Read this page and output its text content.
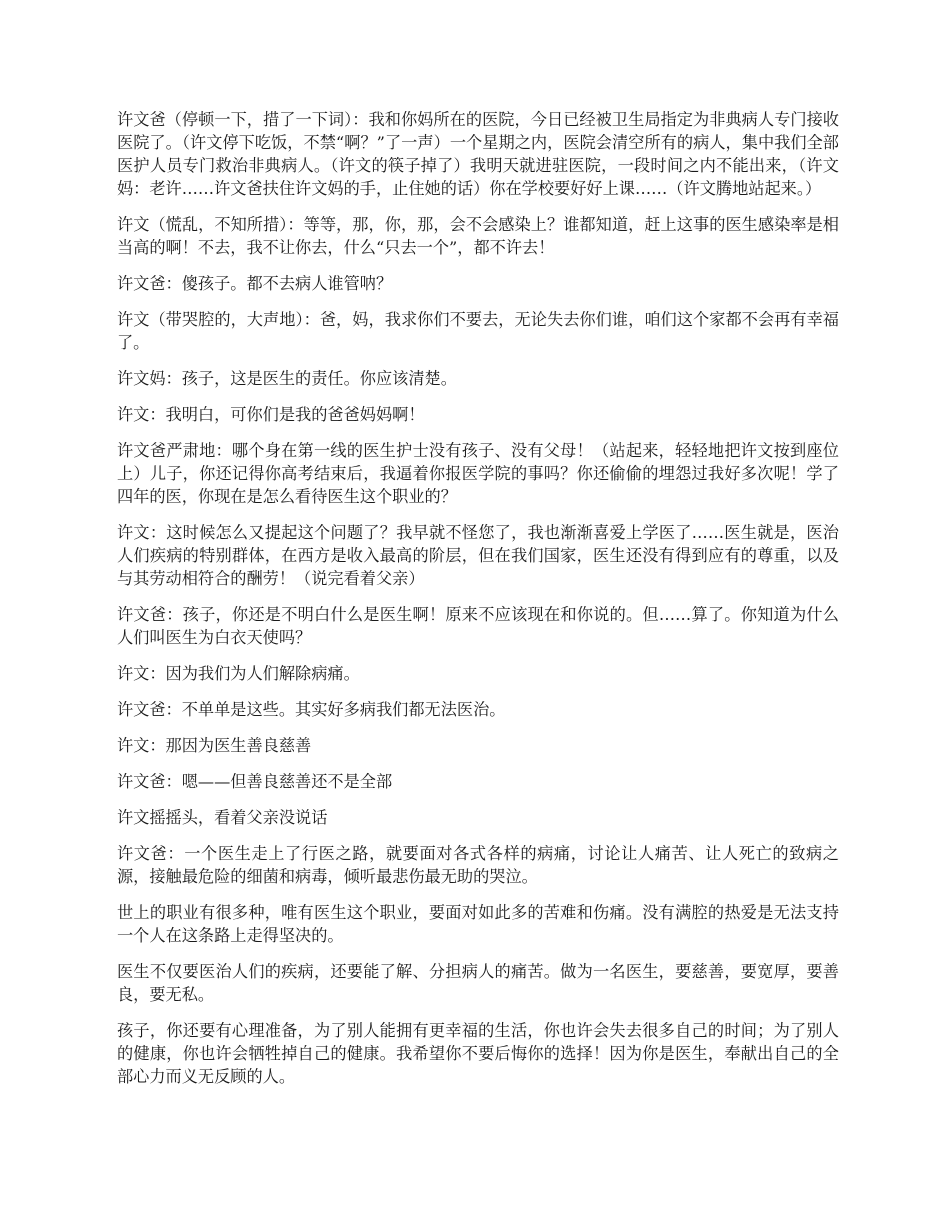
许文爸（停顿一下，措了一下词）：我和你妈所在的医院，今日已经被卫生局指定为非典病人专门接收医院了。（许文停下吃饭，不禁“啊？”了一声）一个星期之内，医院会清空所有的病人，集中我们全部医护人员专门救治非典病人。（许文的筷子掉了）我明天就进驻医院，一段时间之内不能出来，（许文妈：老许……许文爸扶住许文妈的手，止住她的话）你在学校要好好上课……（许文腾地站起来。）

许文（慌乱，不知所措）：等等，那，你，那，会不会感染上？谁都知道，赶上这事的医生感染率是相当高的啊！不去，我不让你去，什么“只去一个”，都不许去！

许文爸：傻孩子。都不去病人谁管呐？

许文（带哭腔的，大声地）：爸，妈，我求你们不要去，无论失去你们谁，咱们这个家都不会再有幸福了。

许文妈：孩子，这是医生的责任。你应该清楚。

许文：我明白，可你们是我的爸爸妈妈啊！

许文爸严肃地：哪个身在第一线的医生护士没有孩子、没有父母！（站起来，轻轻地把许文按到座位上）儿子，你还记得你高考结束后，我逼着你报医学院的事吗？你还偷偷的埋怨过我好多次呢！学了四年的医，你现在是怎么看待医生这个职业的？

许文：这时候怎么又提起这个问题了？我早就不怪您了，我也渐渐喜爱上学医了……医生就是，医治人们疾病的特别群体，在西方是收入最高的阶层，但在我们国家，医生还没有得到应有的尊重，以及与其劳动相符合的酬劳！（说完看着父亲）

许文爸：孩子，你还是不明白什么是医生啊！原来不应该现在和你说的。但……算了。你知道为什么人们叫医生为白衣天使吗？

许文：因为我们为人们解除病痛。

许文爸：不单单是这些。其实好多病我们都无法医治。

许文：那因为医生善良慈善

许文爸：嗯——但善良慈善还不是全部

许文摇摇头，看着父亲没说话

许文爸：一个医生走上了行医之路，就要面对各式各样的病痛，讨论让人痛苦、让人死亡的致病之源，接触最危险的细菌和病毒，倾听最悲伤最无助的哭泣。

世上的职业有很多种，唯有医生这个职业，要面对如此多的苦难和伤痛。没有满腔的热爱是无法支持一个人在这条路上走得坚决的。

医生不仅要医治人们的疾病，还要能了解、分担病人的痛苦。做为一名医生，要慈善，要宽厚，要善良，要无私。

孩子，你还要有心理准备，为了别人能拥有更幸福的生活，你也许会失去很多自己的时间；为了别人的健康，你也许会牺牲掉自己的健康。我希望你不要后悔你的选择！因为你是医生，奉献出自己的全部心力而义无反顾的人。
